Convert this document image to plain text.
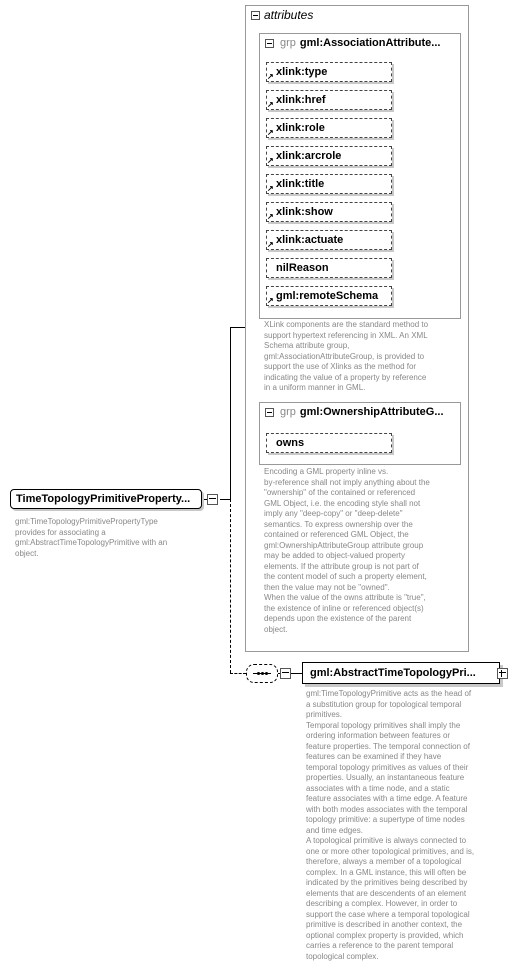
attributes
grp gml:AssociationAttribute...
↗ xlink:type
↗ xlink:href
↗ xlink:role
↗ xlink:arcrole
↗ xlink:title
↗ xlink:show
↗ xlink:actuate
nilReason
↗ gml:remoteSchema
XLink components are the standard method to
support hypertext referencing in XML. An XML
Schema attribute group,
gml:AssociationAttributeGroup, is provided to
support the use of Xlinks as the method for
indicating the value of a property by reference
in a uniform manner in GML.
grp gml:OwnershipAttributeG...
owns
Encoding a GML property inline vs.
by-reference shall not imply anything about the
"ownership" of the contained or referenced
GML Object, i.e. the encoding style shall not
imply any "deep-copy" or "deep-delete"
semantics. To express ownership over the
contained or referenced GML Object, the
gml:OwnershipAttributeGroup attribute group
may be added to object-valued property
elements. If the attribute group is not part of
the content model of such a property element,
then the value may not be "owned".
When the value of the owns attribute is "true",
the existence of inline or referenced object(s)
depends upon the existence of the parent
object.
TimeTopologyPrimitiveProperty...
gml:TimeTopologyPrimitivePropertyType
provides for associating a
gml:AbstractTimeTopologyPrimitive with an
object.
gml:AbstractTimeTopologyPri...
gml:TimeTopologyPrimitive acts as the head of
a substitution group for topological temporal
primitives.
Temporal topology primitives shall imply the
ordering information between features or
feature properties. The temporal connection of
features can be examined if they have
temporal topology primitives as values of their
properties. Usually, an instantaneous feature
associates with a time node, and a static
feature associates with a time edge. A feature
with both modes associates with the temporal
topology primitive: a supertype of time nodes
and time edges.
A topological primitive is always connected to
one or more other topological primitives, and is,
therefore, always a member of a topological
complex. In a GML instance, this will often be
indicated by the primitives being described by
elements that are descendents of an element
describing a complex. However, in order to
support the case where a temporal topological
primitive is described in another context, the
optional complex property is provided, which
carries a reference to the parent temporal
topological complex.
